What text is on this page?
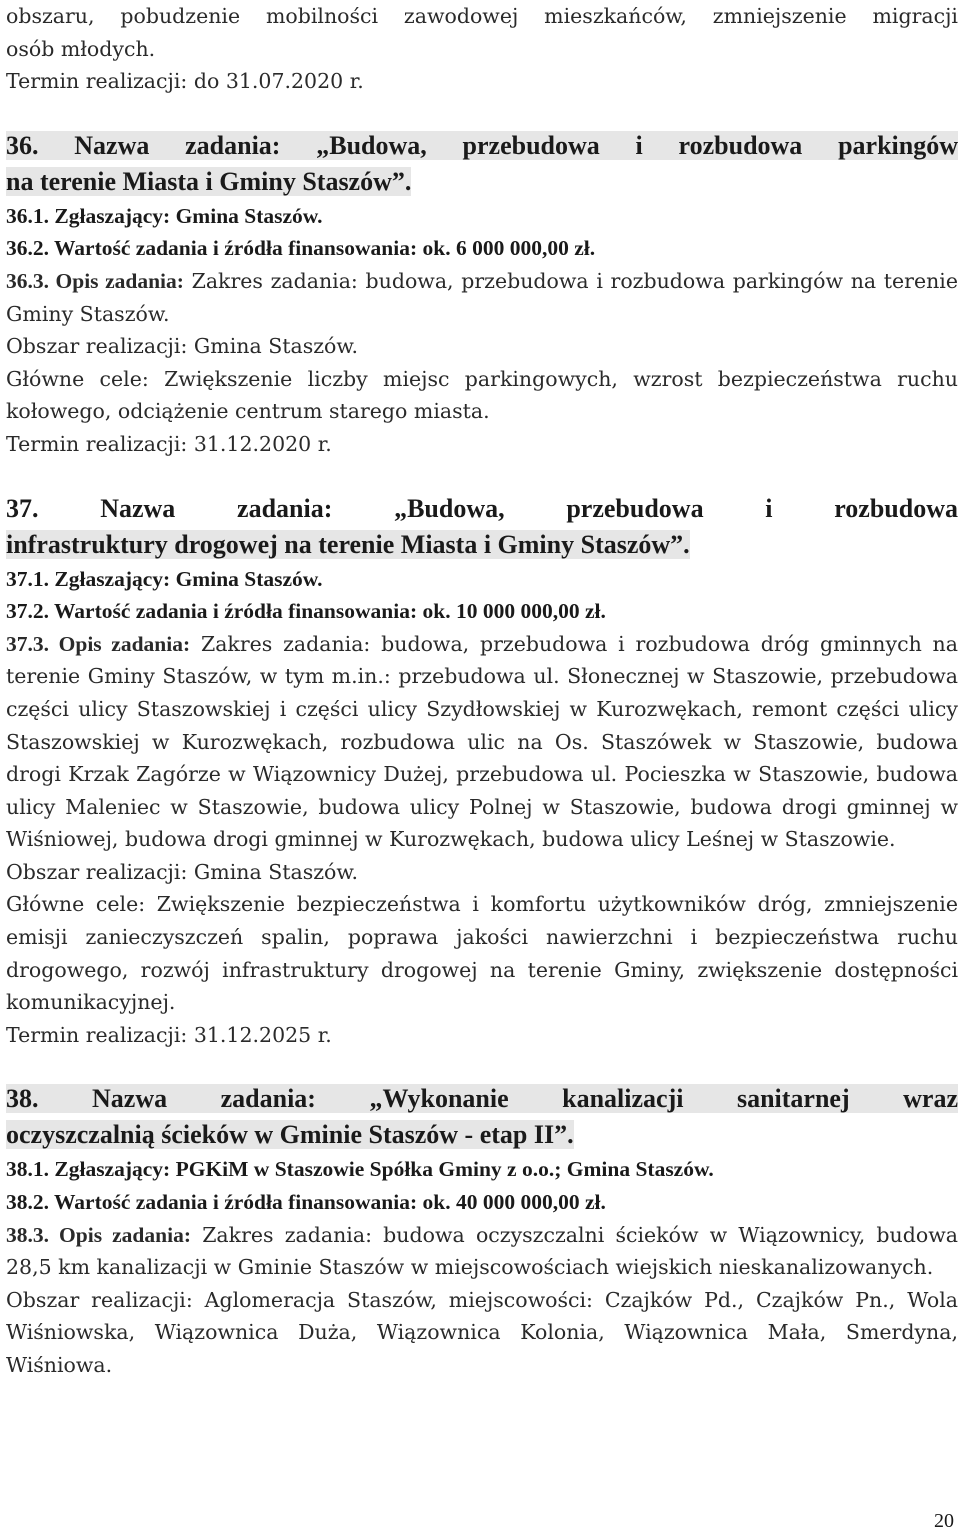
obszaru, pobudzenie mobilności zawodowej mieszkańców, zmniejszenie migracji

osób młodych.

Termin realizacji: do 31.07.2020 r.

36. Nazwa zadania: „Budowa, przebudowa i rozbudowa parkingów

na terenie Miasta i Gminy Staszów”.

36.1. Zgłaszający: Gmina Staszów.
36.2. Wartość zadania i źródła finansowania: ok. 6 000 000,00 zł.

36.3. Opis zadania: Zakres zadania: budowa, przebudowa i rozbudowa parkingów na terenie Gminy Staszów.

Obszar realizacji: Gmina Staszów.

Główne cele: Zwiększenie liczby miejsc parkingowych, wzrost bezpieczeństwa ruchu kołowego, odciążenie centrum starego miasta.

Termin realizacji: 31.12.2020 r.

37. Nazwa zadania: „Budowa, przebudowa i rozbudowa

infrastruktury drogowej na terenie Miasta i Gminy Staszów”.

37.1. Zgłaszający: Gmina Staszów.
37.2. Wartość zadania i źródła finansowania: ok. 10 000 000,00 zł.

37.3. Opis zadania: Zakres zadania: budowa, przebudowa i rozbudowa dróg gminnych na terenie Gminy Staszów, w tym m.in.: przebudowa ul. Słonecznej w Staszowie, przebudowa części ulicy Staszowskiej i części ulicy Szydłowskiej w Kurozwękach, remont części ulicy Staszowskiej w Kurozwękach, rozbudowa ulic na Os. Staszówek w Staszowie, budowa drogi Krzak Zagórze w Wiązownicy Dużej, przebudowa ul. Pocieszka w Staszowie, budowa ulicy Maleniec w Staszowie, budowa ulicy Polnej w Staszowie, budowa drogi gminnej w Wiśniowej, budowa drogi gminnej w Kurozwękach, budowa ulicy Leśnej w Staszowie.

Obszar realizacji: Gmina Staszów.

Główne cele: Zwiększenie bezpieczeństwa i komfortu użytkowników dróg, zmniejszenie emisji zanieczyszczeń spalin, poprawa jakości nawierzchni i bezpieczeństwa ruchu drogowego, rozwój infrastruktury drogowej na terenie Gminy, zwiększenie dostępności komunikacyjnej.

Termin realizacji: 31.12.2025 r.

38. Nazwa zadania: „Wykonanie kanalizacji sanitarnej wraz

oczyszczalnią ścieków w Gminie Staszów - etap II”.

38.1. Zgłaszający: PGKiM w Staszowie Spółka Gminy z o.o.; Gmina Staszów.
38.2. Wartość zadania i źródła finansowania: ok. 40 000 000,00 zł.

38.3. Opis zadania: Zakres zadania: budowa oczyszczalni ścieków w Wiązownicy, budowa 28,5 km kanalizacji w Gminie Staszów w miejscowościach wiejskich nieskanalizowanych.

Obszar realizacji: Aglomeracja Staszów, miejscowości: Czajków Pd., Czajków Pn., Wola Wiśniowska, Wiązownica Duża, Wiązownica Kolonia, Wiązownica Mała, Smerdyna, Wiśniowa.

20
